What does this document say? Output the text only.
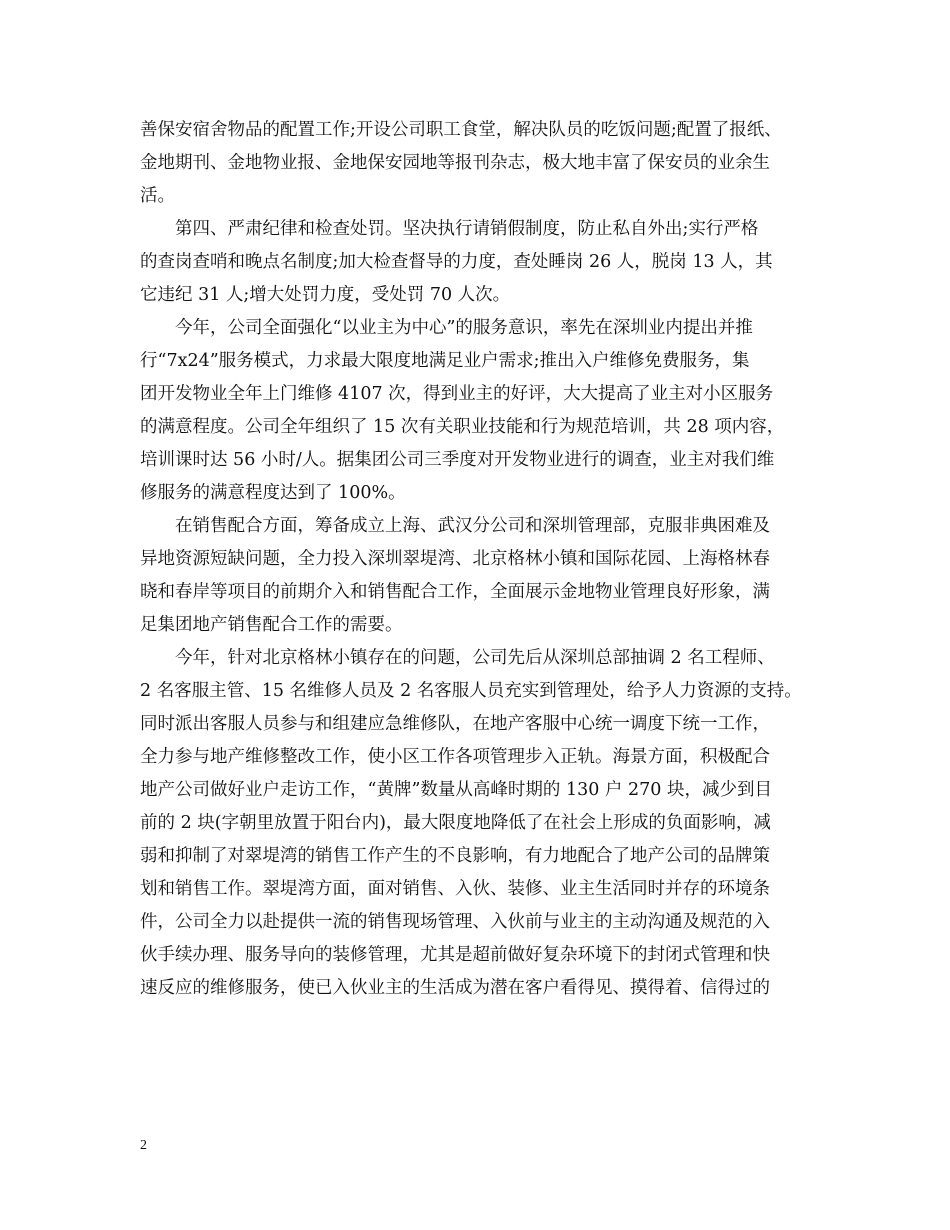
善保安宿舍物品的配置工作;开设公司职工食堂，解决队员的吃饭问题;配置了报纸、
金地期刊、金地物业报、金地保安园地等报刊杂志，极大地丰富了保安员的业余生
活。
第四、严肃纪律和检查处罚。坚决执行请销假制度，防止私自外出;实行严格
的查岗查哨和晚点名制度;加大检查督导的力度，查处睡岗 26 人，脱岗 13 人，其
它违纪 31 人;增大处罚力度，受处罚 70 人次。
今年，公司全面强化“以业主为中心”的服务意识，率先在深圳业内提出并推
行“7x24”服务模式，力求最大限度地满足业户需求;推出入户维修免费服务，集
团开发物业全年上门维修 4107 次，得到业主的好评，大大提高了业主对小区服务
的满意程度。公司全年组织了 15 次有关职业技能和行为规范培训，共 28 项内容，
培训课时达 56 小时/人。据集团公司三季度对开发物业进行的调查，业主对我们维
修服务的满意程度达到了 100%。
在销售配合方面，筹备成立上海、武汉分公司和深圳管理部，克服非典困难及
异地资源短缺问题，全力投入深圳翠堤湾、北京格林小镇和国际花园、上海格林春
晓和春岸等项目的前期介入和销售配合工作，全面展示金地物业管理良好形象，满
足集团地产销售配合工作的需要。
今年，针对北京格林小镇存在的问题，公司先后从深圳总部抽调 2 名工程师、
2 名客服主管、15 名维修人员及 2 名客服人员充实到管理处，给予人力资源的支持。
同时派出客服人员参与和组建应急维修队，在地产客服中心统一调度下统一工作，
全力参与地产维修整改工作，使小区工作各项管理步入正轨。海景方面，积极配合
地产公司做好业户走访工作，“黄牌”数量从高峰时期的 130 户 270 块，减少到目
前的 2 块(字朝里放置于阳台内)，最大限度地降低了在社会上形成的负面影响，减
弱和抑制了对翠堤湾的销售工作产生的不良影响，有力地配合了地产公司的品牌策
划和销售工作。翠堤湾方面，面对销售、入伙、装修、业主生活同时并存的环境条
件，公司全力以赴提供一流的销售现场管理、入伙前与业主的主动沟通及规范的入
伙手续办理、服务导向的装修管理，尤其是超前做好复杂环境下的封闭式管理和快
速反应的维修服务，使已入伙业主的生活成为潜在客户看得见、摸得着、信得过的
2
